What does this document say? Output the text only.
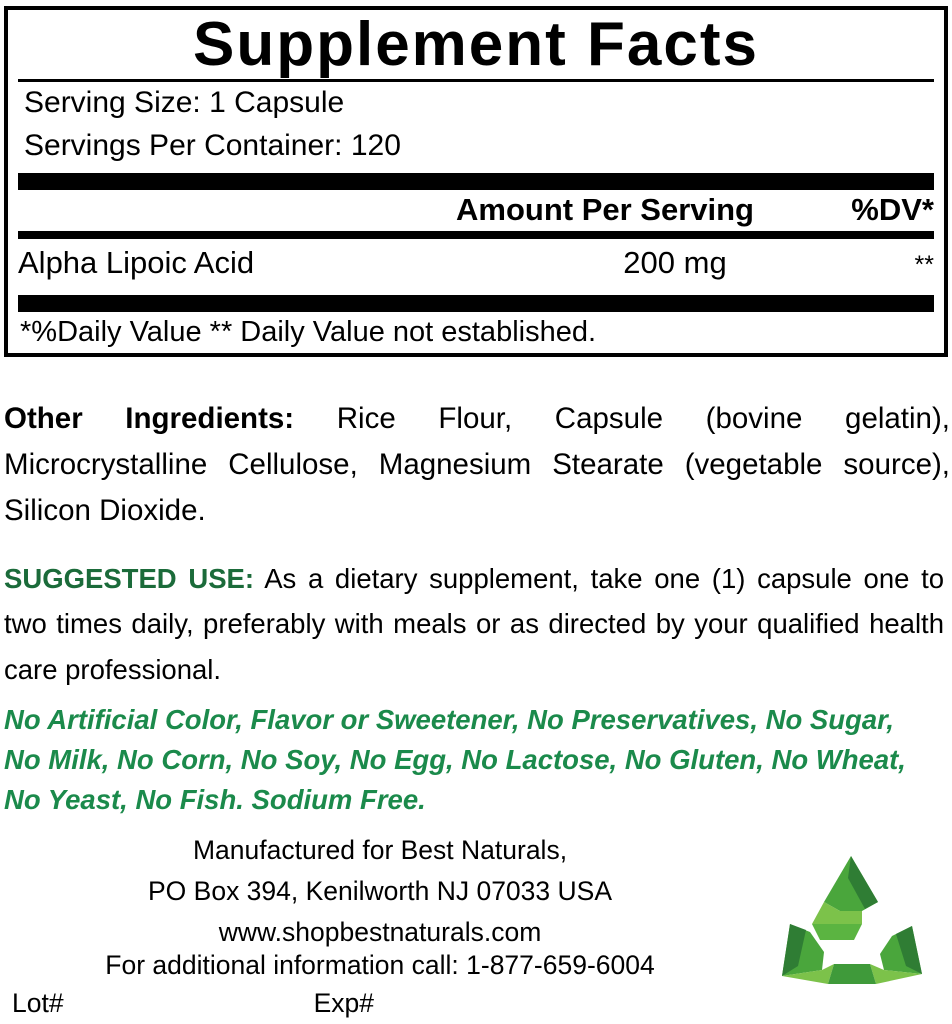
Supplement Facts
Serving Size: 1 Capsule
Servings Per Container: 120
Amount Per Serving	%DV*
Alpha Lipoic Acid	200 mg	**
*%Daily Value ** Daily Value not established.
Other Ingredients: Rice Flour, Capsule (bovine gelatin), Microcrystalline Cellulose, Magnesium Stearate (vegetable source), Silicon Dioxide.
SUGGESTED USE: As a dietary supplement, take one (1) capsule one to two times daily, preferably with meals or as directed by your qualified health care professional.
No Artificial Color, Flavor or Sweetener, No Preservatives, No Sugar,
No Milk, No Corn, No Soy, No Egg, No Lactose, No Gluten, No Wheat,
No Yeast, No Fish. Sodium Free.
Manufactured for Best Naturals,
PO Box 394, Kenilworth NJ 07033 USA
www.shopbestnaturals.com
For additional information call: 1-877-659-6004
Lot#	Exp#
